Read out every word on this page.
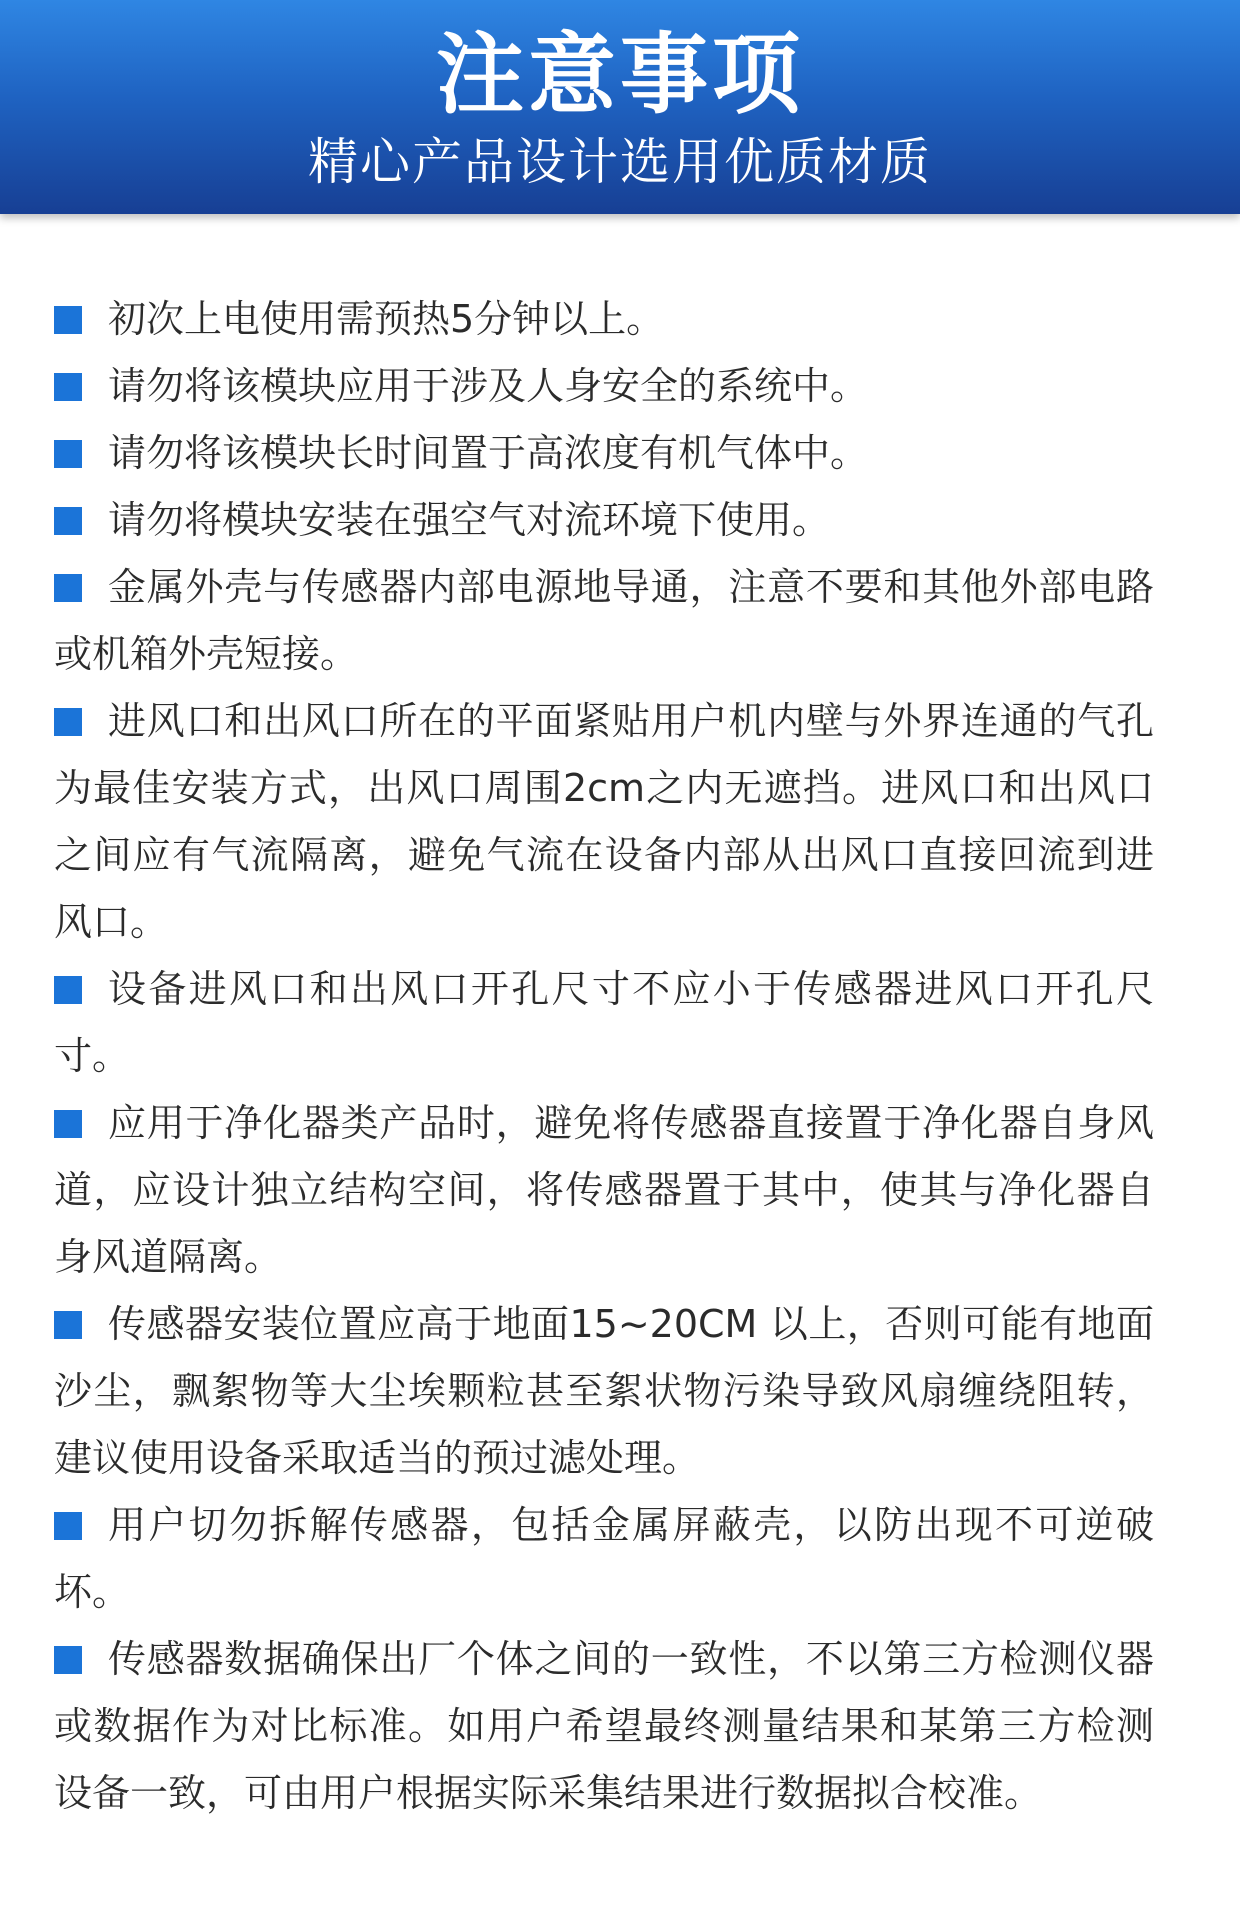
注意事项
精心产品设计选用优质材质
初次上电使用需预热5分钟以上。
请勿将该模块应用于涉及人身安全的系统中。
请勿将该模块长时间置于高浓度有机气体中。
请勿将模块安装在强空气对流环境下使用。
金属外壳与传感器内部电源地导通，注意不要和其他外部电路或机箱外壳短接。
进风口和出风口所在的平面紧贴用户机内壁与外界连通的气孔为最佳安装方式，出风口周围2cm之内无遮挡。进风口和出风口之间应有气流隔离，避免气流在设备内部从出风口直接回流到进风口。
设备进风口和出风口开孔尺寸不应小于传感器进风口开孔尺寸。
应用于净化器类产品时，避免将传感器直接置于净化器自身风道，应设计独立结构空间，将传感器置于其中，使其与净化器自身风道隔离。
传感器安装位置应高于地面15~20CM 以上，否则可能有地面沙尘，飘絮物等大尘埃颗粒甚至絮状物污染导致风扇缠绕阻转，建议使用设备采取适当的预过滤处理。
用户切勿拆解传感器，包括金属屏蔽壳，以防出现不可逆破坏。
传感器数据确保出厂个体之间的一致性，不以第三方检测仪器或数据作为对比标准。如用户希望最终测量结果和某第三方检测设备一致，可由用户根据实际采集结果进行数据拟合校准。
